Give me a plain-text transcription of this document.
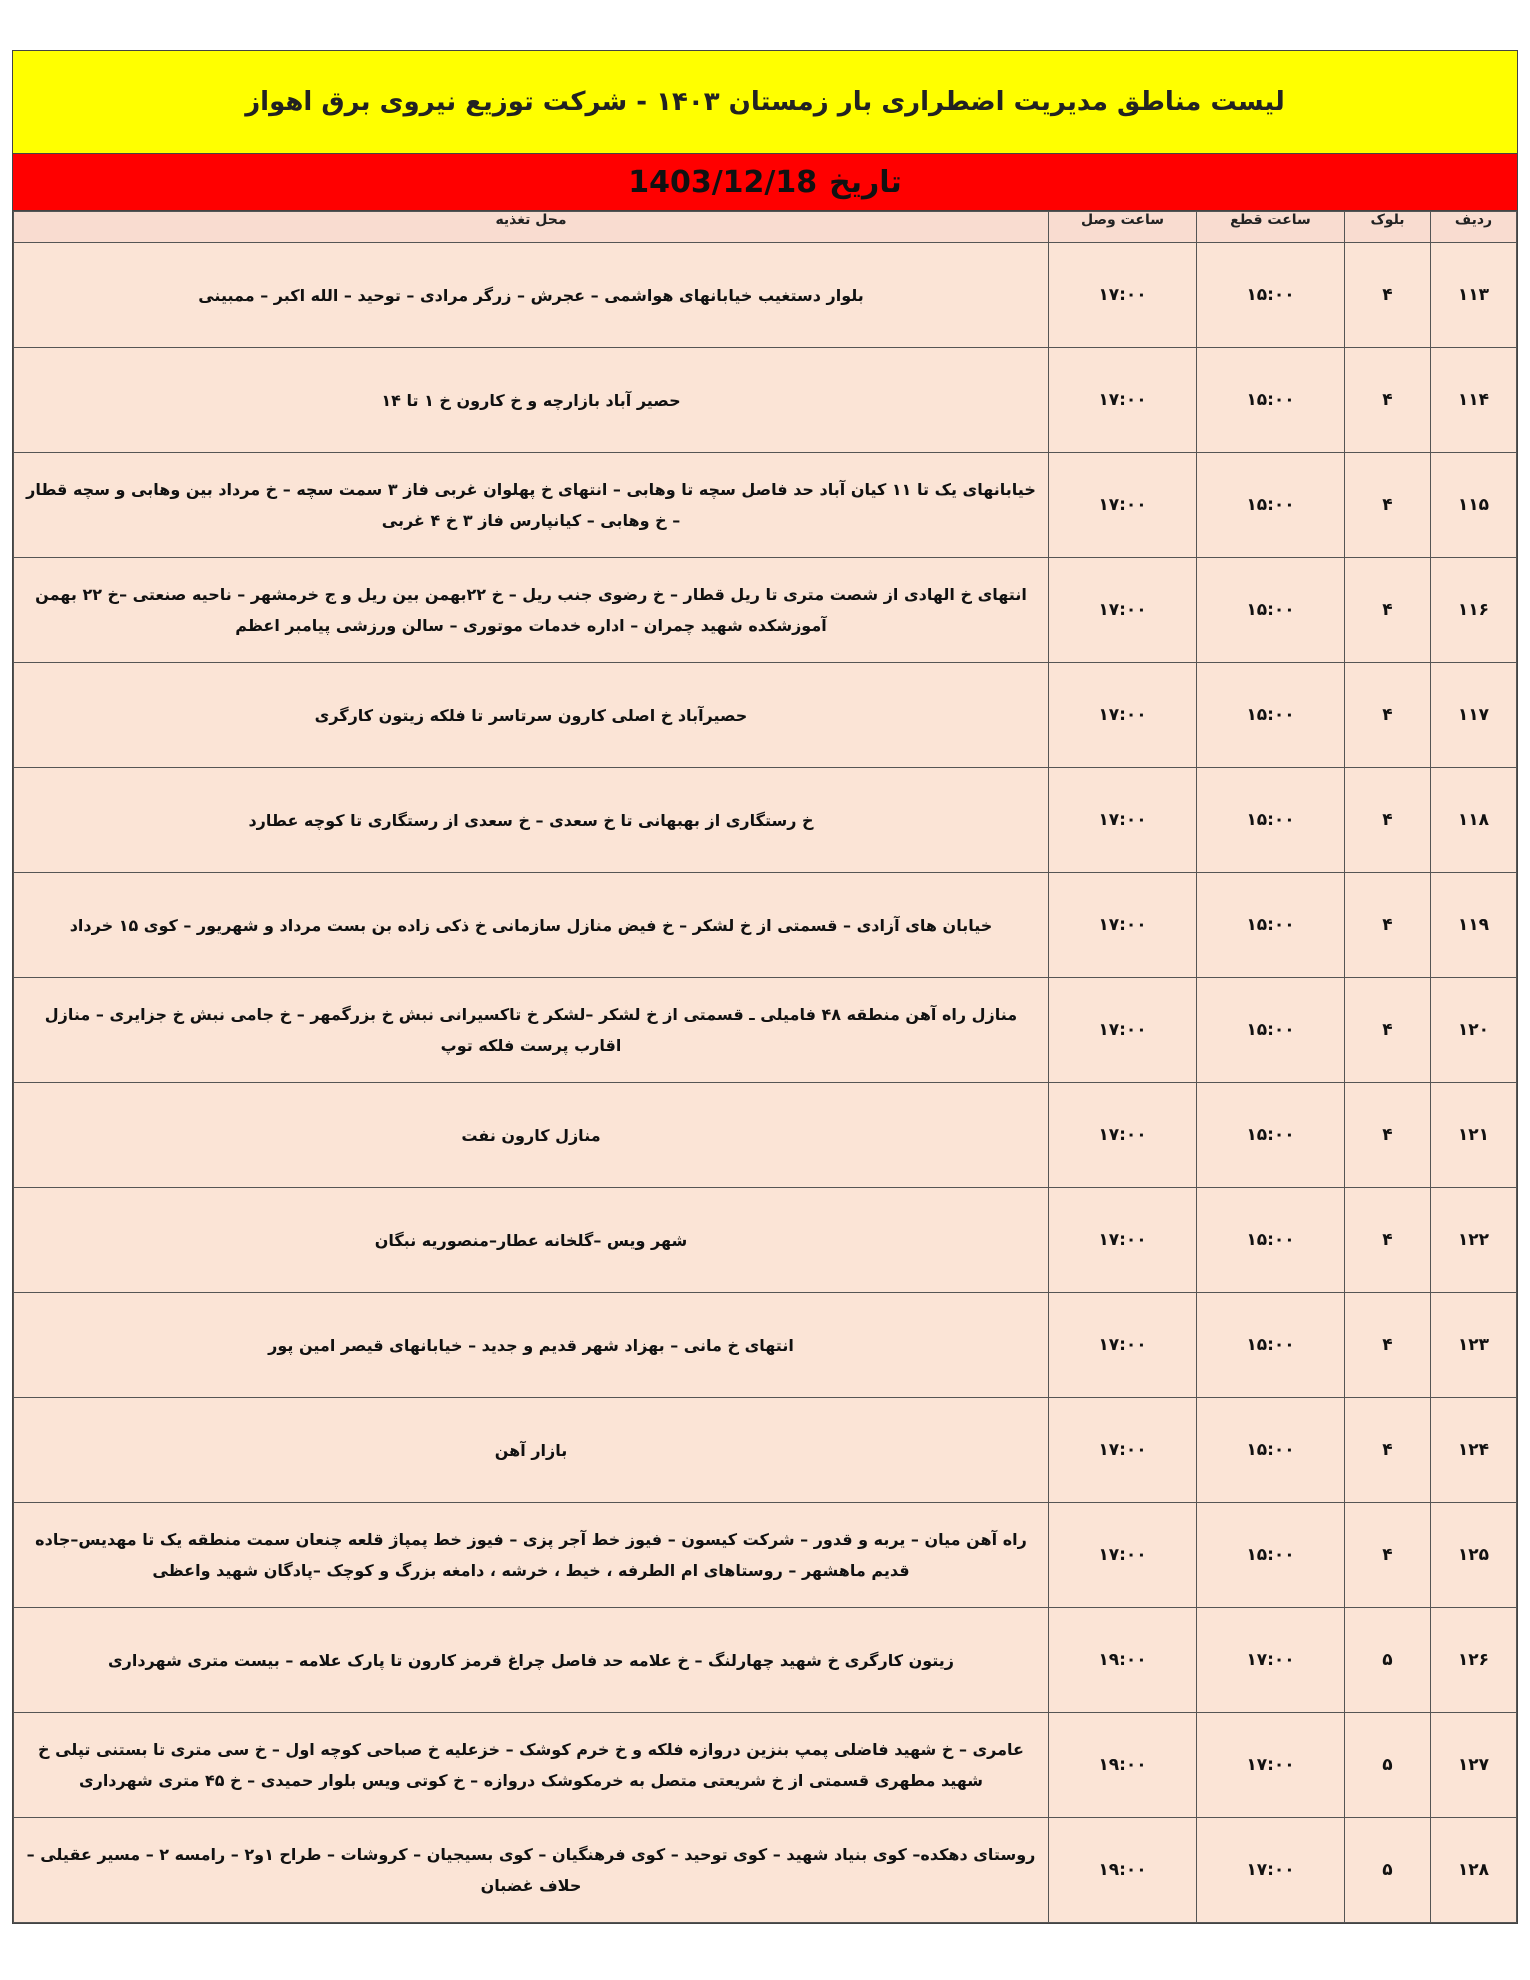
لیست مناطق مدیریت اضطراری بار زمستان ۱۴۰۳ - شرکت توزیع نیروی برق اهواز
تاریخ
1403/12/18
ردیف	بلوک	ساعت قطع	ساعت وصل	محل تغذیه
۱۱۳	۴	۱۵:۰۰	۱۷:۰۰	بلوار دستغیب خیابانهای هواشمی – عجرش – زرگر مرادی – توحید – الله اکبر – ممبینی
۱۱۴	۴	۱۵:۰۰	۱۷:۰۰	حصیر آباد بازارچه و خ کارون خ ۱ تا ۱۴
۱۱۵	۴	۱۵:۰۰	۱۷:۰۰	خیابانهای یک تا ۱۱ کیان آباد حد فاصل سچه تا وهابی – انتهای خ پهلوان غربی فاز ۳ سمت سچه – خ مرداد بین وهابی و سچه قطار – خ وهابی – کیانپارس فاز ۳ خ ۴ غربی
۱۱۶	۴	۱۵:۰۰	۱۷:۰۰	انتهای خ الهادی از شصت متری تا ریل قطار – خ رضوی جنب ریل – خ ۲۲بهمن بین ریل و ج خرمشهر – ناحیه صنعتی –خ ۲۲ بهمن آموزشکده شهید چمران – اداره خدمات موتوری – سالن ورزشی پیامبر اعظم
۱۱۷	۴	۱۵:۰۰	۱۷:۰۰	حصیرآباد خ اصلی کارون سرتاسر تا فلکه زیتون کارگری
۱۱۸	۴	۱۵:۰۰	۱۷:۰۰	خ رستگاری از بهبهانی تا خ سعدی – خ سعدی از رستگاری تا کوچه عطارد
۱۱۹	۴	۱۵:۰۰	۱۷:۰۰	خیابان های آزادی – قسمتی از خ لشکر – خ فیض منازل سازمانی خ ذکی زاده بن بست مرداد و شهریور – کوی ۱۵ خرداد
۱۲۰	۴	۱۵:۰۰	۱۷:۰۰	منازل راه آهن منطقه ۴۸ فامیلی ـ قسمتی از خ لشکر –لشکر خ تاکسیرانی نبش خ بزرگمهر – خ جامی نبش خ جزایری – منازل اقارب پرست فلکه توپ
۱۲۱	۴	۱۵:۰۰	۱۷:۰۰	منازل کارون نفت
۱۲۲	۴	۱۵:۰۰	۱۷:۰۰	شهر ویس –گلخانه عطار–منصوریه نبگان
۱۲۳	۴	۱۵:۰۰	۱۷:۰۰	انتهای خ مانی – بهزاد شهر قدیم و جدید – خیابانهای قیصر امین پور
۱۲۴	۴	۱۵:۰۰	۱۷:۰۰	بازار آهن
۱۲۵	۴	۱۵:۰۰	۱۷:۰۰	راه آهن میان – یربه و قدور – شرکت کیسون – فیوز خط آجر پزی – فیوز خط پمپاژ قلعه چنعان سمت منطقه یک تا مهدیس–جاده قدیم ماهشهر – روستاهای ام الطرفه ، خیط ، خرشه ، دامغه بزرگ و کوچک –پادگان شهید واعظی
۱۲۶	۵	۱۷:۰۰	۱۹:۰۰	زیتون کارگری خ شهید چهارلنگ – خ علامه حد فاصل چراغ قرمز کارون تا پارک علامه – بیست متری شهرداری
۱۲۷	۵	۱۷:۰۰	۱۹:۰۰	عامری – خ شهید فاضلی پمپ بنزین دروازه فلکه و خ خرم کوشک – خزعلیه خ صباحی کوچه اول – خ سی متری تا بستنی تپلی خ شهید مطهری قسمتی از خ شریعتی متصل به خرمکوشک دروازه – خ کوتی ویس بلوار حمیدی – خ ۴۵ متری شهرداری
۱۲۸	۵	۱۷:۰۰	۱۹:۰۰	روستای دهکده– کوی بنیاد شهید – کوی توحید – کوی فرهنگیان – کوی بسیجیان – کروشات – طراح ۱و۲ – رامسه ۲ – مسیر عقیلی – حلاف غضبان
